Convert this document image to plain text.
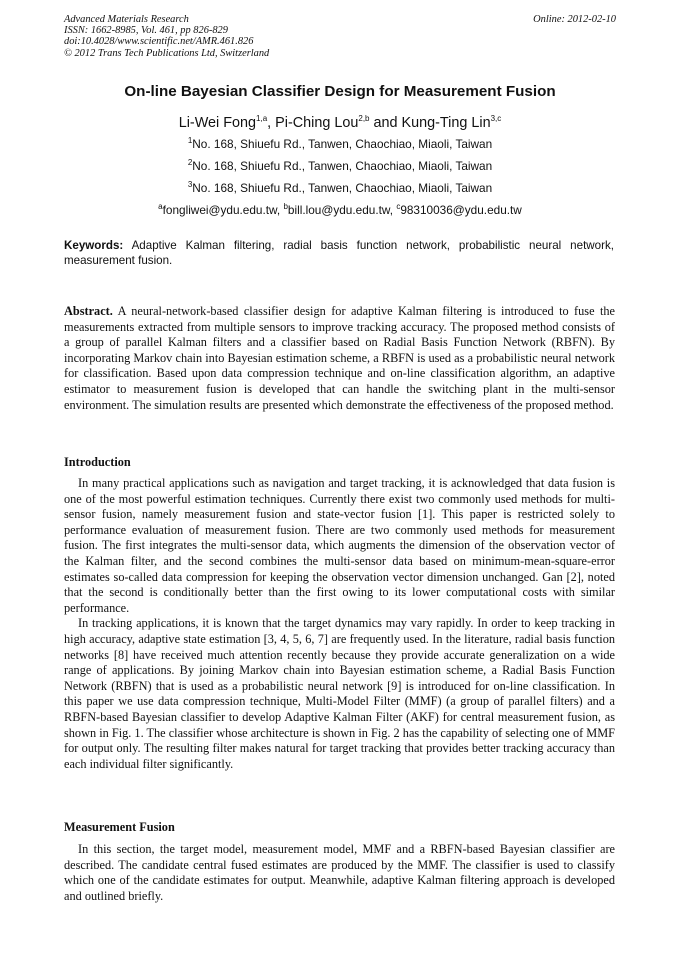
Advanced Materials Research
ISSN: 1662-8985, Vol. 461, pp 826-829
doi:10.4028/www.scientific.net/AMR.461.826
© 2012 Trans Tech Publications Ltd, Switzerland
Online: 2012-02-10
On-line Bayesian Classifier Design for Measurement Fusion
Li-Wei Fong$^{1,a}$, Pi-Ching Lou$^{2,b}$ and Kung-Ting Lin$^{3,c}$
$^1$No. 168, Shiuefu Rd., Tanwen, Chaochiao, Miaoli, Taiwan
$^2$No. 168, Shiuefu Rd., Tanwen, Chaochiao, Miaoli, Taiwan
$^3$No. 168, Shiuefu Rd., Tanwen, Chaochiao, Miaoli, Taiwan
$^a$fongliwei@ydu.edu.tw, $^b$bill.lou@ydu.edu.tw, $^c$98310036@ydu.edu.tw
Keywords: Adaptive Kalman filtering, radial basis function network, probabilistic neural network, measurement fusion.

Abstract. A neural-network-based classifier design for adaptive Kalman filtering is introduced to fuse the measurements extracted from multiple sensors to improve tracking accuracy. The proposed method consists of a group of parallel Kalman filters and a classifier based on Radial Basis Function Network (RBFN). By incorporating Markov chain into Bayesian estimation scheme, a RBFN is used as a probabilistic neural network for classification. Based upon data compression technique and on-line classification algorithm, an adaptive estimator to measurement fusion is developed that can handle the switching plant in the multi-sensor environment. The simulation results are presented which demonstrate the effectiveness of the proposed method.

Introduction

In many practical applications such as navigation and target tracking, it is acknowledged that data fusion is one of the most powerful estimation techniques. Currently there exist two commonly used methods for multi-sensor fusion, namely measurement fusion and state-vector fusion [1]. This paper is restricted solely to performance evaluation of measurement fusion. There are two commonly used methods for measurement fusion. The first integrates the multi-sensor data, which augments the dimension of the observation vector of the Kalman filter, and the second combines the multi-sensor data based on minimum-mean-square-error estimates so-called data compression for keeping the observation vector dimension unchanged. Gan [2], noted that the second is conditionally better than the first owing to its lower computational costs with similar performance.

In tracking applications, it is known that the target dynamics may vary rapidly. In order to keep tracking in high accuracy, adaptive state estimation [3, 4, 5, 6, 7] are frequently used. In the literature, radial basis function networks [8] have received much attention recently because they provide accurate generalization on a wide range of applications. By joining Markov chain into Bayesian estimation scheme, a Radial Basis Function Network (RBFN) that is used as a probabilistic neural network [9] is introduced for on-line classification. In this paper we use data compression technique, Multi-Model Filter (MMF) (a group of parallel filters) and a RBFN-based Bayesian classifier to develop Adaptive Kalman Filter (AKF) for central measurement fusion, as shown in Fig. 1. The classifier whose architecture is shown in Fig. 2 has the capability of selecting one of MMF for output only. The resulting filter makes natural for target tracking that provides better tracking accuracy than each individual filter significantly.

Measurement Fusion

In this section, the target model, measurement model, MMF and a RBFN-based Bayesian classifier are described. The candidate central fused estimates are produced by the MMF. The classifier is used to classify which one of the candidate estimates for output. Meanwhile, adaptive Kalman filtering approach is developed and outlined briefly.
